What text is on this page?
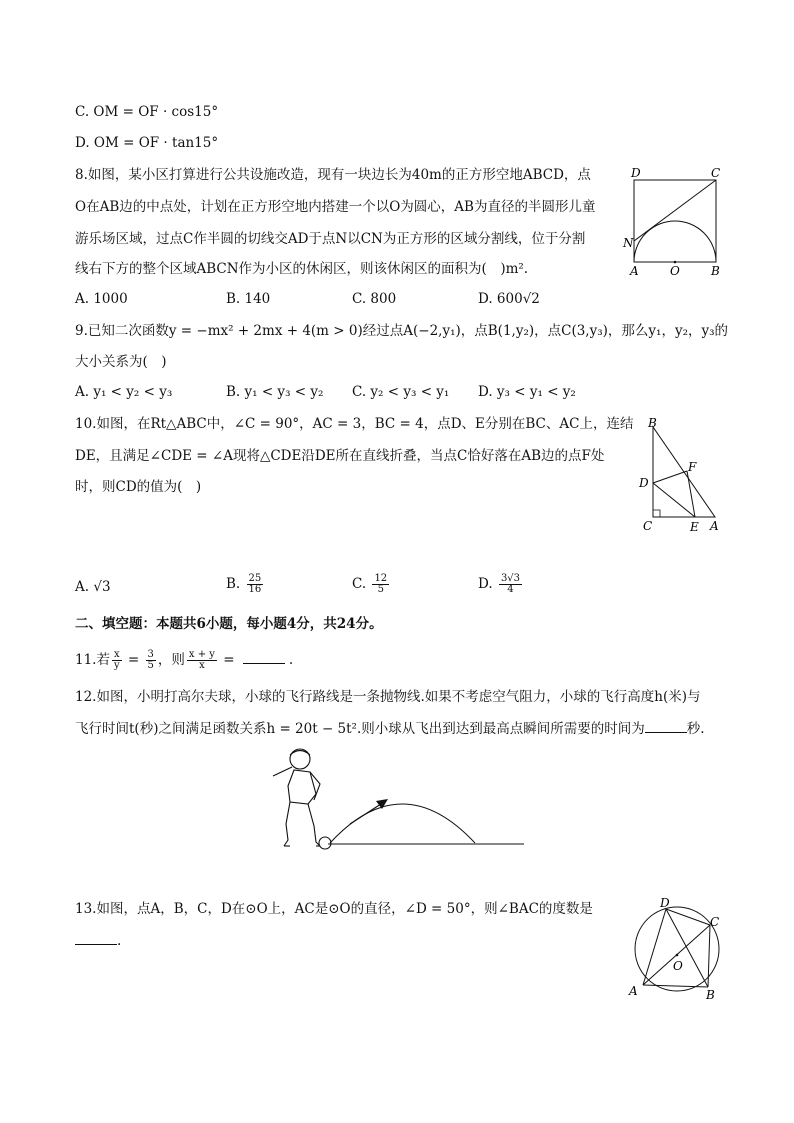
C. OM = OF · cos15°
D. OM = OF · tan15°
8.如图，某小区打算进行公共设施改造，现有一块边长为40m的正方形空地ABCD，点
O在AB边的中点处，计划在正方形空地内搭建一个以O为圆心，AB为直径的半圆形儿童
游乐场区域，过点C作半圆的切线交AD于点N以CN为正方形的区域分割线，位于分割
线右下方的整个区域ABCN作为小区的休闲区，则该休闲区的面积为(　)m².
A. 1000	B. 140	C. 800	D. 600√2
D	C
N
A	O	B
9.已知二次函数y = −mx² + 2mx + 4(m > 0)经过点A(−2,y₁)，点B(1,y₂)，点C(3,y₃)，那么y₁，y₂，y₃的
大小关系为(　)
A. y₁ < y₂ < y₃	B. y₁ < y₃ < y₂ C. y₂ < y₃ < y₁ D. y₃ < y₁ < y₂
10.如图，在Rt△ABC中，∠C = 90°，AC = 3，BC = 4，点D、E分别在BC、AC上，连结
DE，且满足∠CDE = ∠A现将△CDE沿DE所在直线折叠，当点C恰好落在AB边的点F处
时，则CD的值为(　)
B
F
D
C	E A
A. √3	B. $\frac{25}{16}$	C. $\frac{12}{5}$	D. $\frac{3√3}{4}$
二、填空题：本题共6小题，每小题4分，共24分。
11.若 $\frac{x}{y} = \frac{3}{5}$ ，则 $\frac{x + y}{x}$ =	.
12.如图，小明打高尔夫球，小球的飞行路线是一条抛物线.如果不考虑空气阻力，小球的飞行高度h(米)与
飞行时间t(秒)之间满足函数关系h = 20t − 5t².则小球从飞出到达到最高点瞬间所需要的时间为	秒.
13.如图，点A，B，C，D在⊙O上，AC是⊙O的直径，∠D = 50°，则∠BAC的度数是
.
D
C
O
A	B
